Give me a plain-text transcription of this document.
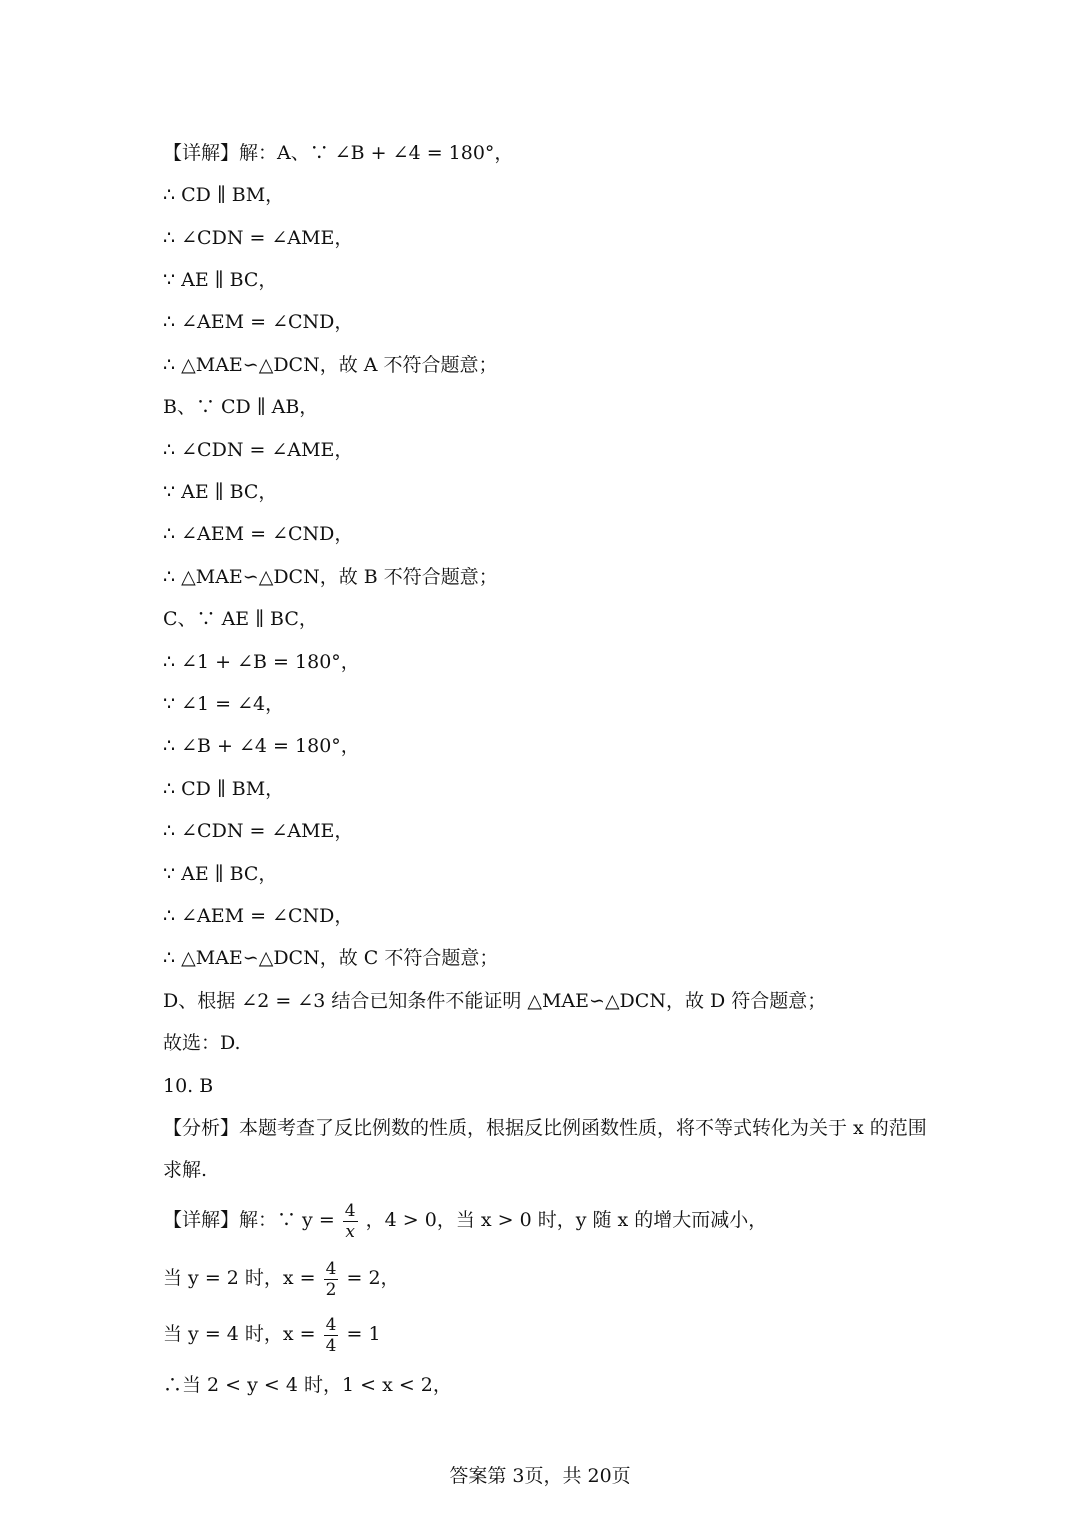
【详解】解：A、∵ ∠B + ∠4 = 180°，
∴ CD ∥ BM，
∴ ∠CDN = ∠AME，
∵ AE ∥ BC，
∴ ∠AEM = ∠CND，
∴ △MAE∽△DCN，故 A 不符合题意；
B、∵ CD ∥ AB，
∴ ∠CDN = ∠AME，
∵ AE ∥ BC，
∴ ∠AEM = ∠CND，
∴ △MAE∽△DCN，故 B 不符合题意；
C、∵ AE ∥ BC，
∴ ∠1 + ∠B = 180°，
∵ ∠1 = ∠4，
∴ ∠B + ∠4 = 180°，
∴ CD ∥ BM，
∴ ∠CDN = ∠AME，
∵ AE ∥ BC，
∴ ∠AEM = ∠CND，
∴ △MAE∽△DCN，故 C 不符合题意；
D、根据 ∠2 = ∠3 结合已知条件不能证明 △MAE∽△DCN，故 D 符合题意；
故选：D.
10. B
【分析】本题考查了反比例数的性质，根据反比例函数性质，将不等式转化为关于 x 的范围
求解.
【详解】解：∵ $y = \frac{4}{x}$ ，4 > 0，当 x > 0 时，y 随 x 的增大而减小，
当 y = 2 时，$x = \frac{4}{2} = 2$，
当 y = 4 时，$x = \frac{4}{4} = 1$
∴当 2 < y < 4 时，1 < x < 2，
答案第 3页，共 20页
